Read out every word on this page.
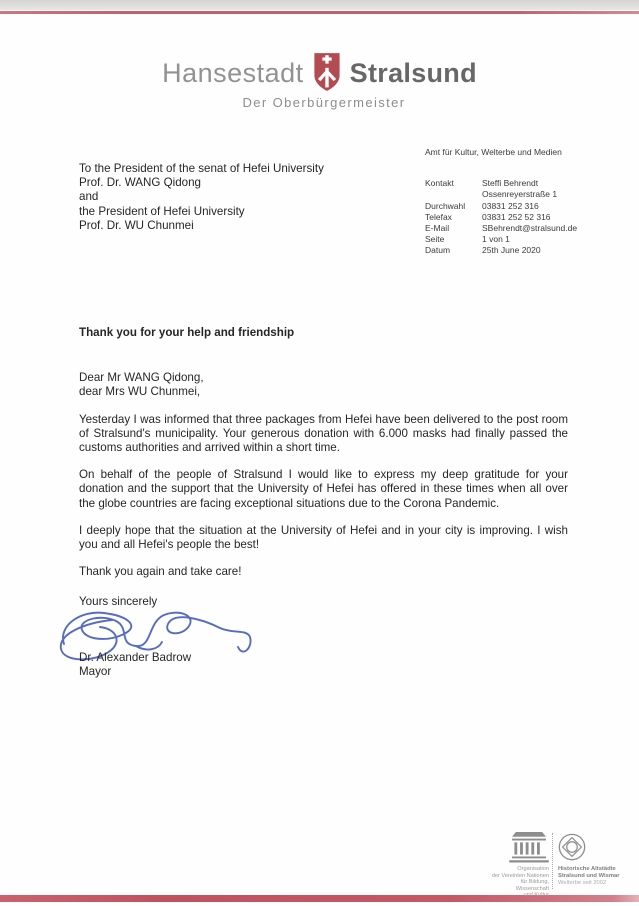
Hansestadt Stralsund
Der Oberbürgermeister
To the President of the senat of Hefei University
Prof. Dr. WANG Qidong
and
the President of Hefei University
Prof. Dr. WU Chunmei
Amt für Kultur, Welterbe und Medien
Kontakt	Steffi Behrendt
Ossenreyerstraße 1
Durchwahl	03831 252 316
Telefax	03831 252 52 316
E-Mail	SBehrendt@stralsund.de
Seite	1 von 1
Datum	25th June 2020
Thank you for your help and friendship
Dear Mr WANG Qidong,
dear Mrs WU Chunmei,

Yesterday I was informed that three packages from Hefei have been delivered to the post room of Stralsund's municipality. Your generous donation with 6.000 masks had finally passed the customs authorities and arrived within a short time.

On behalf of the people of Stralsund I would like to express my deep gratitude for your donation and the support that the University of Hefei has offered in these times when all over the globe countries are facing exceptional situations due to the Corona Pandemic.

I deeply hope that the situation at the University of Hefei and in your city is improving. I wish you and all Hefei's people the best!

Thank you again and take care!

Yours sincerely
Dr. Alexander Badrow
Mayor
Organisation
der Vereinten Nationen
für Bildung, Wissenschaft
und Kultur
Historische Altstädte
Stralsund und Wismar
Welterbe seit 2002
